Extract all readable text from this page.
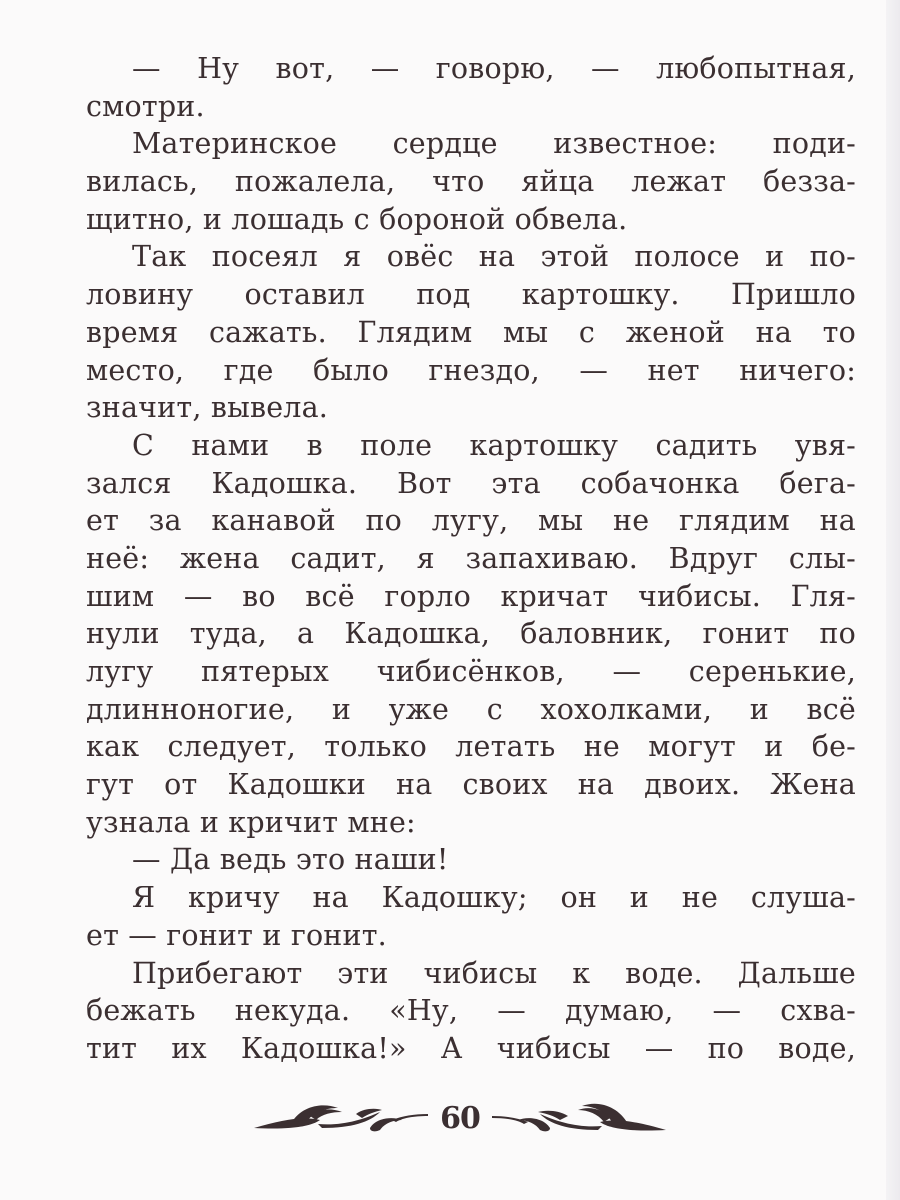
— Ну вот, — говорю, — любопытная,
смотри.
Материнское сердце известное: поди-
вилась, пожалела, что яйца лежат безза-
щитно, и лошадь с бороной обвела.
Так посеял я овёс на этой полосе и по-
ловину оставил под картошку. Пришло
время сажать. Глядим мы с женой на то
место, где было гнездо, — нет ничего:
значит, вывела.
С нами в поле картошку садить увя-
зался Кадошка. Вот эта собачонка бега-
ет за канавой по лугу, мы не глядим на
неё: жена садит, я запахиваю. Вдруг слы-
шим — во всё горло кричат чибисы. Гля-
нули туда, а Кадошка, баловник, гонит по
лугу пятерых чибисёнков, — серенькие,
длинноногие, и уже с хохолками, и всё
как следует, только летать не могут и бе-
гут от Кадошки на своих на двоих. Жена
узнала и кричит мне:
— Да ведь это наши!
Я кричу на Кадошку; он и не слуша-
ет — гонит и гонит.
Прибегают эти чибисы к воде. Дальше
бежать некуда. «Ну, — думаю, — схва-
тит их Кадошка!» А чибисы — по воде,
60
